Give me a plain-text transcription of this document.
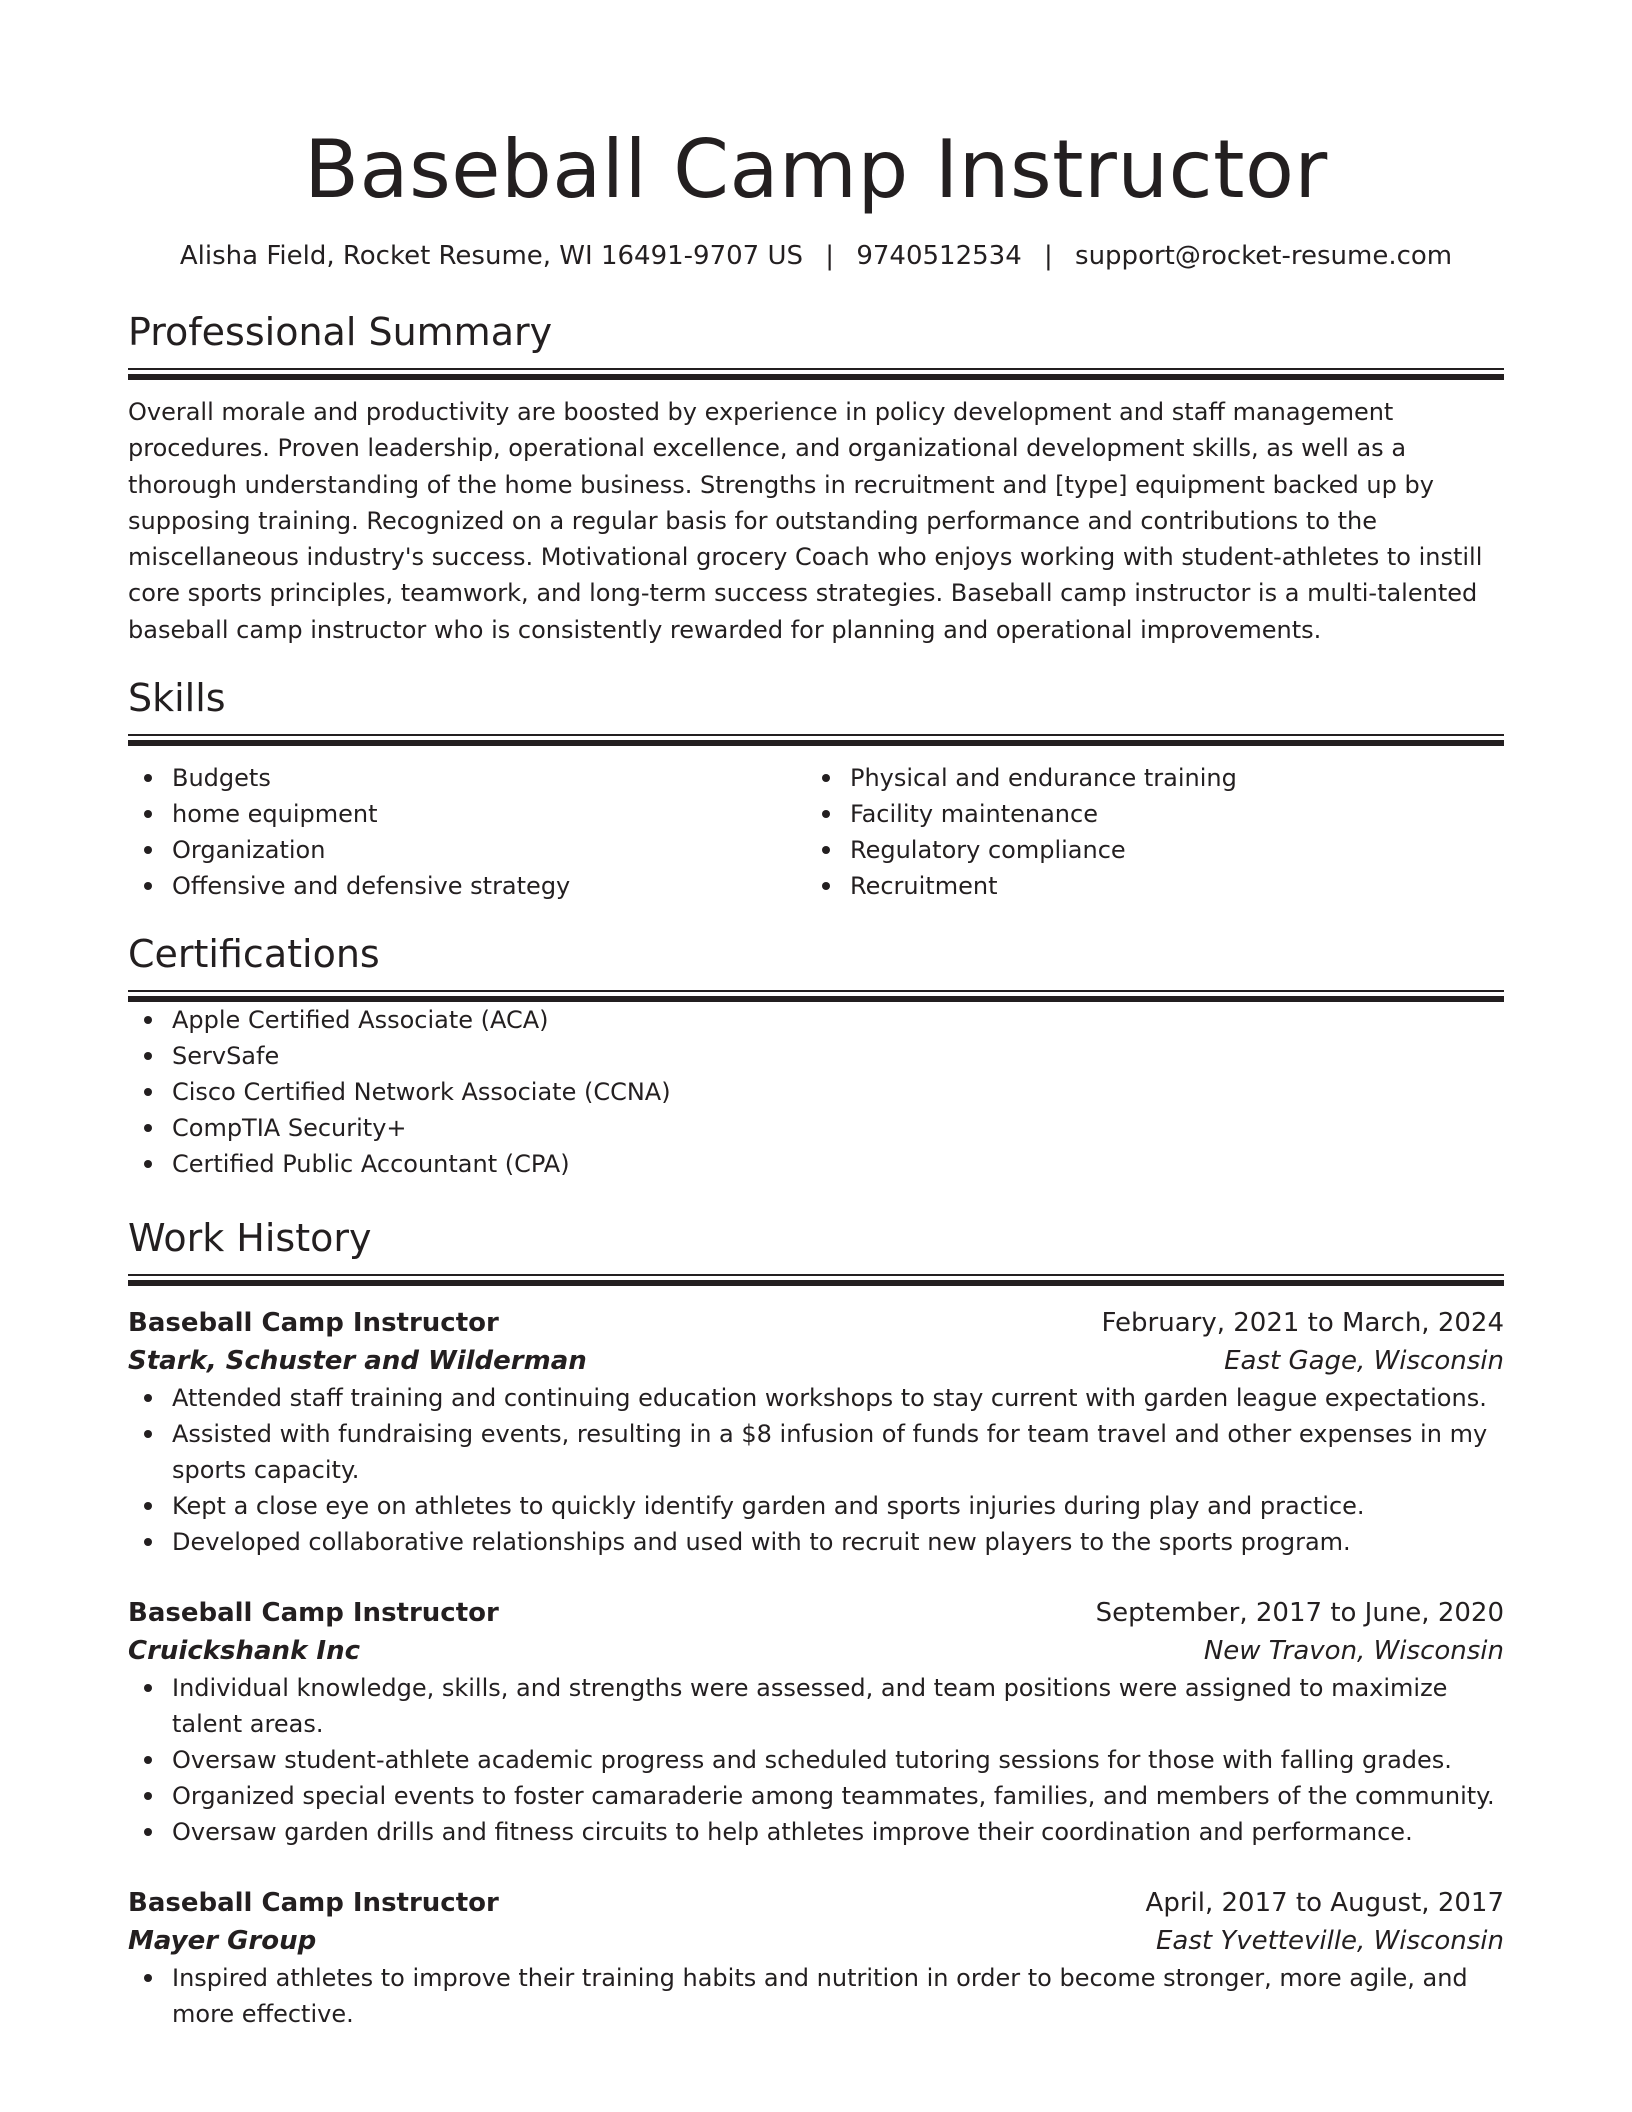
Baseball Camp Instructor
Alisha Field, Rocket Resume, WI 16491-9707 US | 9740512534 | support@rocket-resume.com
Professional Summary
Overall morale and productivity are boosted by experience in policy development and staff management procedures. Proven leadership, operational excellence, and organizational development skills, as well as a thorough understanding of the home business. Strengths in recruitment and [type] equipment backed up by supposing training. Recognized on a regular basis for outstanding performance and contributions to the miscellaneous industry's success. Motivational grocery Coach who enjoys working with student-athletes to instill core sports principles, teamwork, and long-term success strategies. Baseball camp instructor is a multi-talented baseball camp instructor who is consistently rewarded for planning and operational improvements.
Skills
Budgets
home equipment
Organization
Offensive and defensive strategy
Physical and endurance training
Facility maintenance
Regulatory compliance
Recruitment
Certifications
Apple Certified Associate (ACA)
ServSafe
Cisco Certified Network Associate (CCNA)
CompTIA Security+
Certified Public Accountant (CPA)
Work History
Baseball Camp Instructor	February, 2021 to March, 2024
Stark, Schuster and Wilderman	East Gage, Wisconsin
Attended staff training and continuing education workshops to stay current with garden league expectations.
Assisted with fundraising events, resulting in a $8 infusion of funds for team travel and other expenses in my sports capacity.
Kept a close eye on athletes to quickly identify garden and sports injuries during play and practice.
Developed collaborative relationships and used with to recruit new players to the sports program.
Baseball Camp Instructor	September, 2017 to June, 2020
Cruickshank Inc	New Travon, Wisconsin
Individual knowledge, skills, and strengths were assessed, and team positions were assigned to maximize talent areas.
Oversaw student-athlete academic progress and scheduled tutoring sessions for those with falling grades.
Organized special events to foster camaraderie among teammates, families, and members of the community.
Oversaw garden drills and fitness circuits to help athletes improve their coordination and performance.
Baseball Camp Instructor	April, 2017 to August, 2017
Mayer Group	East Yvetteville, Wisconsin
Inspired athletes to improve their training habits and nutrition in order to become stronger, more agile, and more effective.
